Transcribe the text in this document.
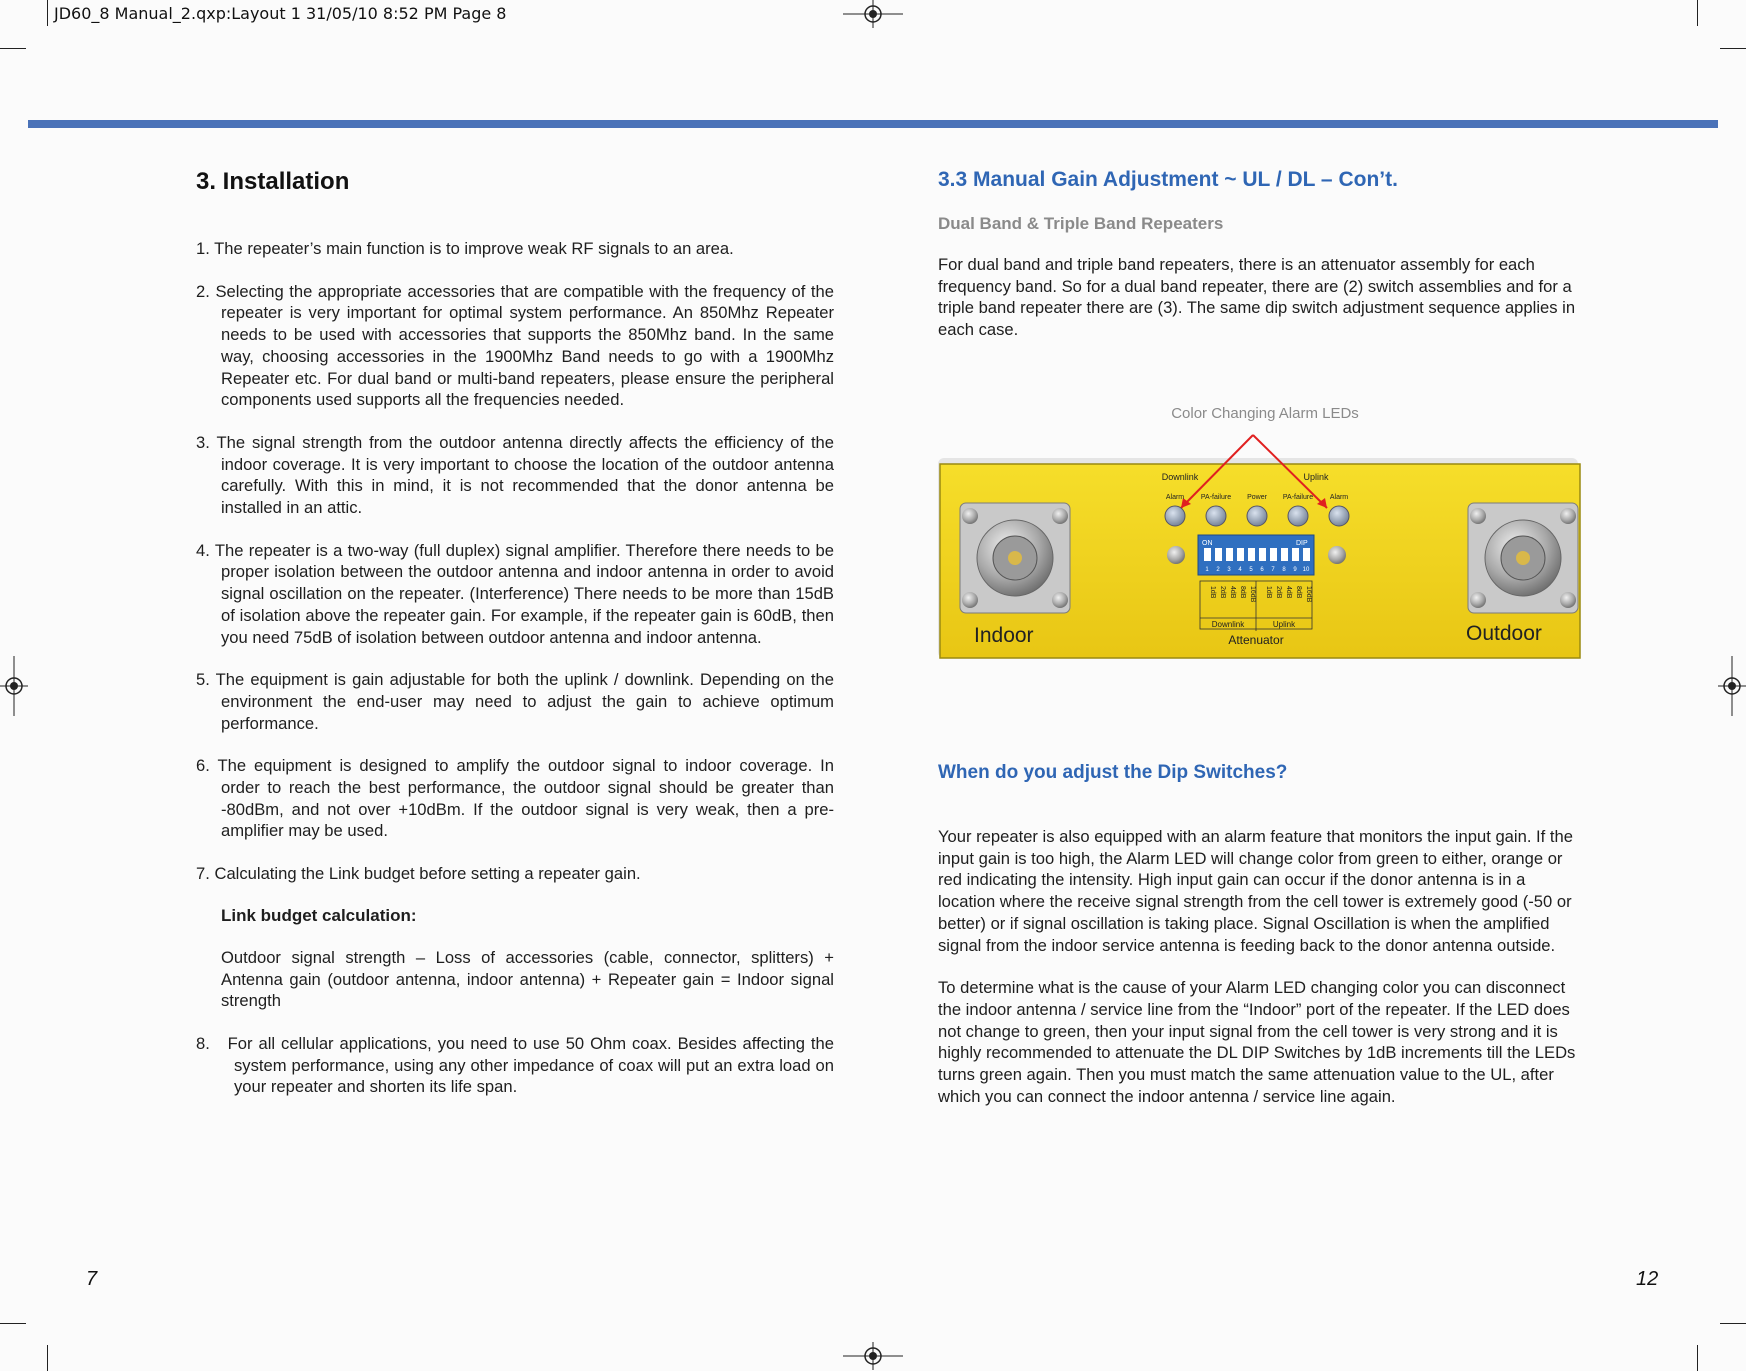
JD60_8 Manual_2.qxp:Layout 1 31/05/10 8:52 PM Page 8
3. Installation

1. The repeater’s main function is to improve weak RF signals to an area.

2. Selecting the appropriate accessories that are compatible with the frequency of the repeater is very important for optimal system performance. An 850Mhz Repeater needs to be used with accessories that supports the 850Mhz band. In the same way, choosing accessories in the 1900Mhz Band needs to go with a 1900Mhz Repeater etc. For dual band or multi-band repeaters, please ensure the peripheral components used supports all the frequencies needed.

3. The signal strength from the outdoor antenna directly affects the efficiency of the indoor coverage. It is very important to choose the location of the outdoor antenna carefully. With this in mind, it is not recommended that the donor antenna be installed in an attic.

4. The repeater is a two-way (full duplex) signal amplifier. Therefore there needs to be proper isolation between the outdoor antenna and indoor antenna in order to avoid signal oscillation on the repeater. (Interference) There needs to be more than 15dB of isolation above the repeater gain. For example, if the repeater gain is 60dB, then you need 75dB of isolation between outdoor antenna and indoor antenna.

5. The equipment is gain adjustable for both the uplink / downlink. Depending on the environment the end-user may need to adjust the gain to achieve optimum performance.

6. The equipment is designed to amplify the outdoor signal to indoor coverage. In order to reach the best performance, the outdoor signal should be greater than -80dBm, and not over +10dBm. If the outdoor signal is very weak, then a pre-amplifier may be used.

7. Calculating the Link budget before setting a repeater gain.

Link budget calculation:

Outdoor signal strength – Loss of accessories (cable, connector, splitters) + Antenna gain (outdoor antenna, indoor antenna) + Repeater gain = Indoor signal strength

8. For all cellular applications, you need to use 50 Ohm coax. Besides affecting the system performance, using any other impedance of coax will put an extra load on your repeater and shorten its life span.

7
3.3 Manual Gain Adjustment ~ UL / DL – Con’t.
Dual Band & Triple Band Repeaters

For dual band and triple band repeaters, there is an attenuator assembly for each frequency band. So for a dual band repeater, there are (2) switch assemblies and for a triple band repeater there are (3). The same dip switch adjustment sequence applies in each case.

Color Changing Alarm LEDs
Downlink	Uplink
Alarm PA-failure Power PA-failure Alarm
ON	DIP
1 2 3 4 5 6 7 8 9 10
1dB 2dB 4dB 8dB 16dB 1dB 2dB 4dB 8dB 16dB
Downlink	Uplink
Attenuator
Indoor	Outdoor
When do you adjust the Dip Switches?

Your repeater is also equipped with an alarm feature that monitors the input gain. If the input gain is too high, the Alarm LED will change color from green to either, orange or red indicating the intensity. High input gain can occur if the donor antenna is in a location where the receive signal strength from the cell tower is extremely good (-50 or better) or if signal oscillation is taking place. Signal Oscillation is when the amplified signal from the indoor service antenna is feeding back to the donor antenna outside.

To determine what is the cause of your Alarm LED changing color you can disconnect the indoor antenna / service line from the “Indoor” port of the repeater. If the LED does not change to green, then your input signal from the cell tower is very strong and it is highly recommended to attenuate the DL DIP Switches by 1dB increments till the LEDs turns green again. Then you must match the same attenuation value to the UL, after which you can connect the indoor antenna / service line again.

12
